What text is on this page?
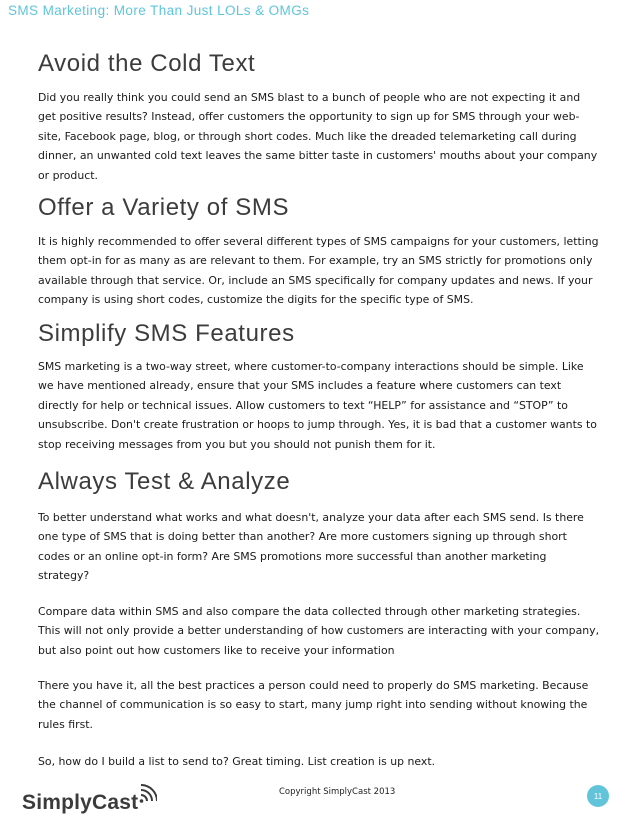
SMS Marketing: More Than Just LOLs & OMGs
Avoid the Cold Text

Did you really think you could send an SMS blast to a bunch of people who are not expecting it and get positive results? Instead, offer customers the opportunity to sign up for SMS through your web-site, Facebook page, blog, or through short codes. Much like the dreaded telemarketing call during dinner, an unwanted cold text leaves the same bitter taste in customers' mouths about your company or product.

Offer a Variety of SMS

It is highly recommended to offer several different types of SMS campaigns for your customers, letting them opt-in for as many as are relevant to them. For example, try an SMS strictly for promotions only available through that service. Or, include an SMS specifically for company updates and news. If your company is using short codes, customize the digits for the specific type of SMS.

Simplify SMS Features

SMS marketing is a two-way street, where customer-to-company interactions should be simple. Like we have mentioned already, ensure that your SMS includes a feature where customers can text directly for help or technical issues. Allow customers to text “HELP” for assistance and “STOP” to unsubscribe. Don't create frustration or hoops to jump through. Yes, it is bad that a customer wants to stop receiving messages from you but you should not punish them for it.

Always Test & Analyze

To better understand what works and what doesn't, analyze your data after each SMS send. Is there one type of SMS that is doing better than another? Are more customers signing up through short codes or an online opt-in form? Are SMS promotions more successful than another marketing strategy?

Compare data within SMS and also compare the data collected through other marketing strategies. This will not only provide a better understanding of how customers are interacting with your company, but also point out how customers like to receive your information

There you have it, all the best practices a person could need to properly do SMS marketing. Because the channel of communication is so easy to start, many jump right into sending without knowing the rules first.

So, how do I build a list to send to? Great timing. List creation is up next.

SimplyCast	Copyright SimplyCast 2013	11
